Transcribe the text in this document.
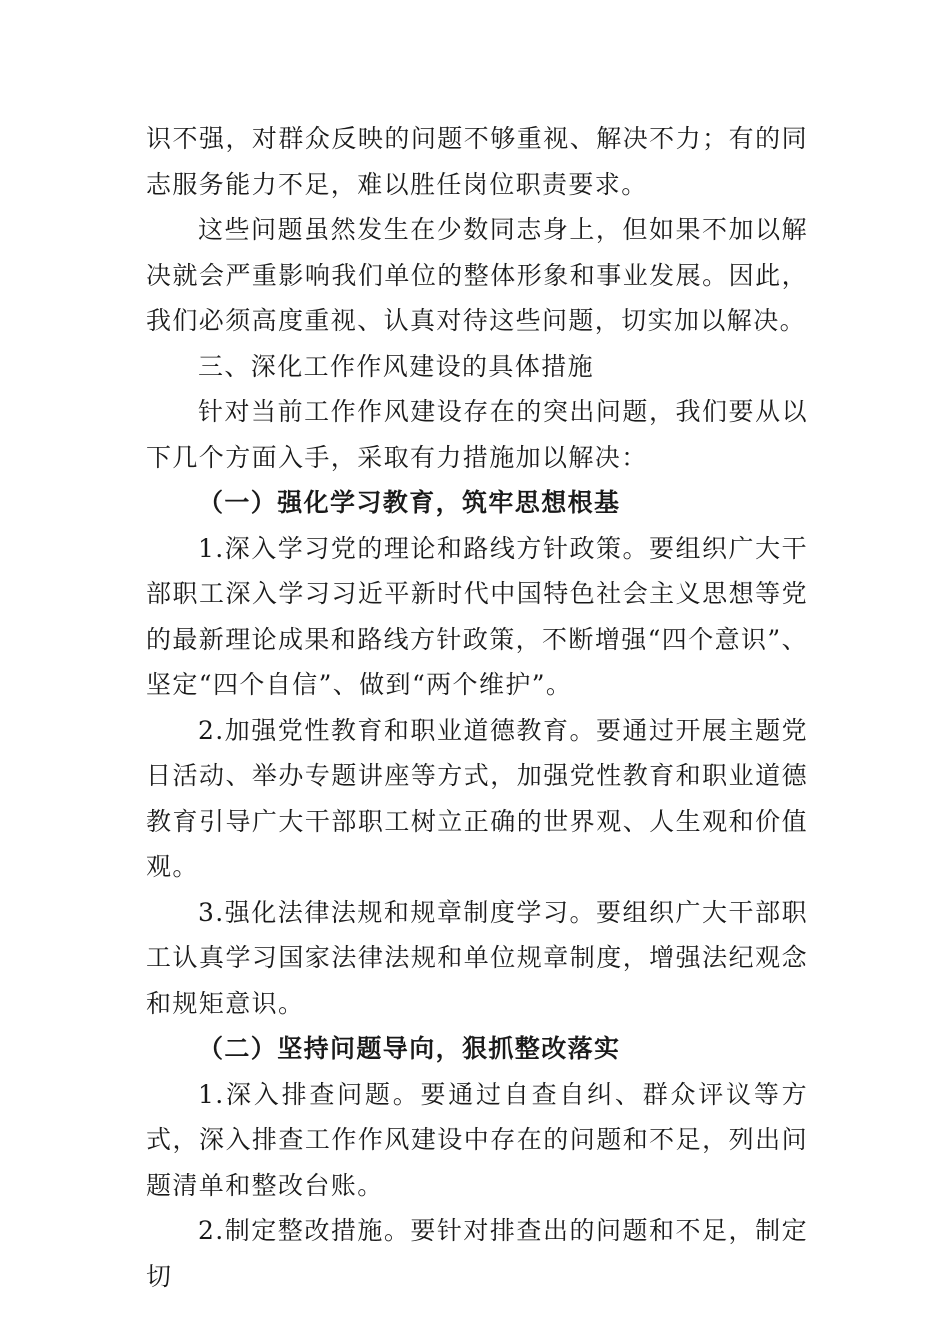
识不强，对群众反映的问题不够重视、解决不力；有的同志服务能力不足，难以胜任岗位职责要求。

这些问题虽然发生在少数同志身上，但如果不加以解决就会严重影响我们单位的整体形象和事业发展。因此，我们必须高度重视、认真对待这些问题，切实加以解决。

三、深化工作作风建设的具体措施

针对当前工作作风建设存在的突出问题，我们要从以下几个方面入手，采取有力措施加以解决：

（一）强化学习教育，筑牢思想根基

1.深入学习党的理论和路线方针政策。要组织广大干部职工深入学习习近平新时代中国特色社会主义思想等党的最新理论成果和路线方针政策，不断增强“四个意识”、坚定“四个自信”、做到“两个维护”。

2.加强党性教育和职业道德教育。要通过开展主题党日活动、举办专题讲座等方式，加强党性教育和职业道德教育引导广大干部职工树立正确的世界观、人生观和价值观。

3.强化法律法规和规章制度学习。要组织广大干部职工认真学习国家法律法规和单位规章制度，增强法纪观念和规矩意识。

（二）坚持问题导向，狠抓整改落实

1.深入排查问题。要通过自查自纠、群众评议等方式，深入排查工作作风建设中存在的问题和不足，列出问题清单和整改台账。

2.制定整改措施。要针对排查出的问题和不足，制定切
